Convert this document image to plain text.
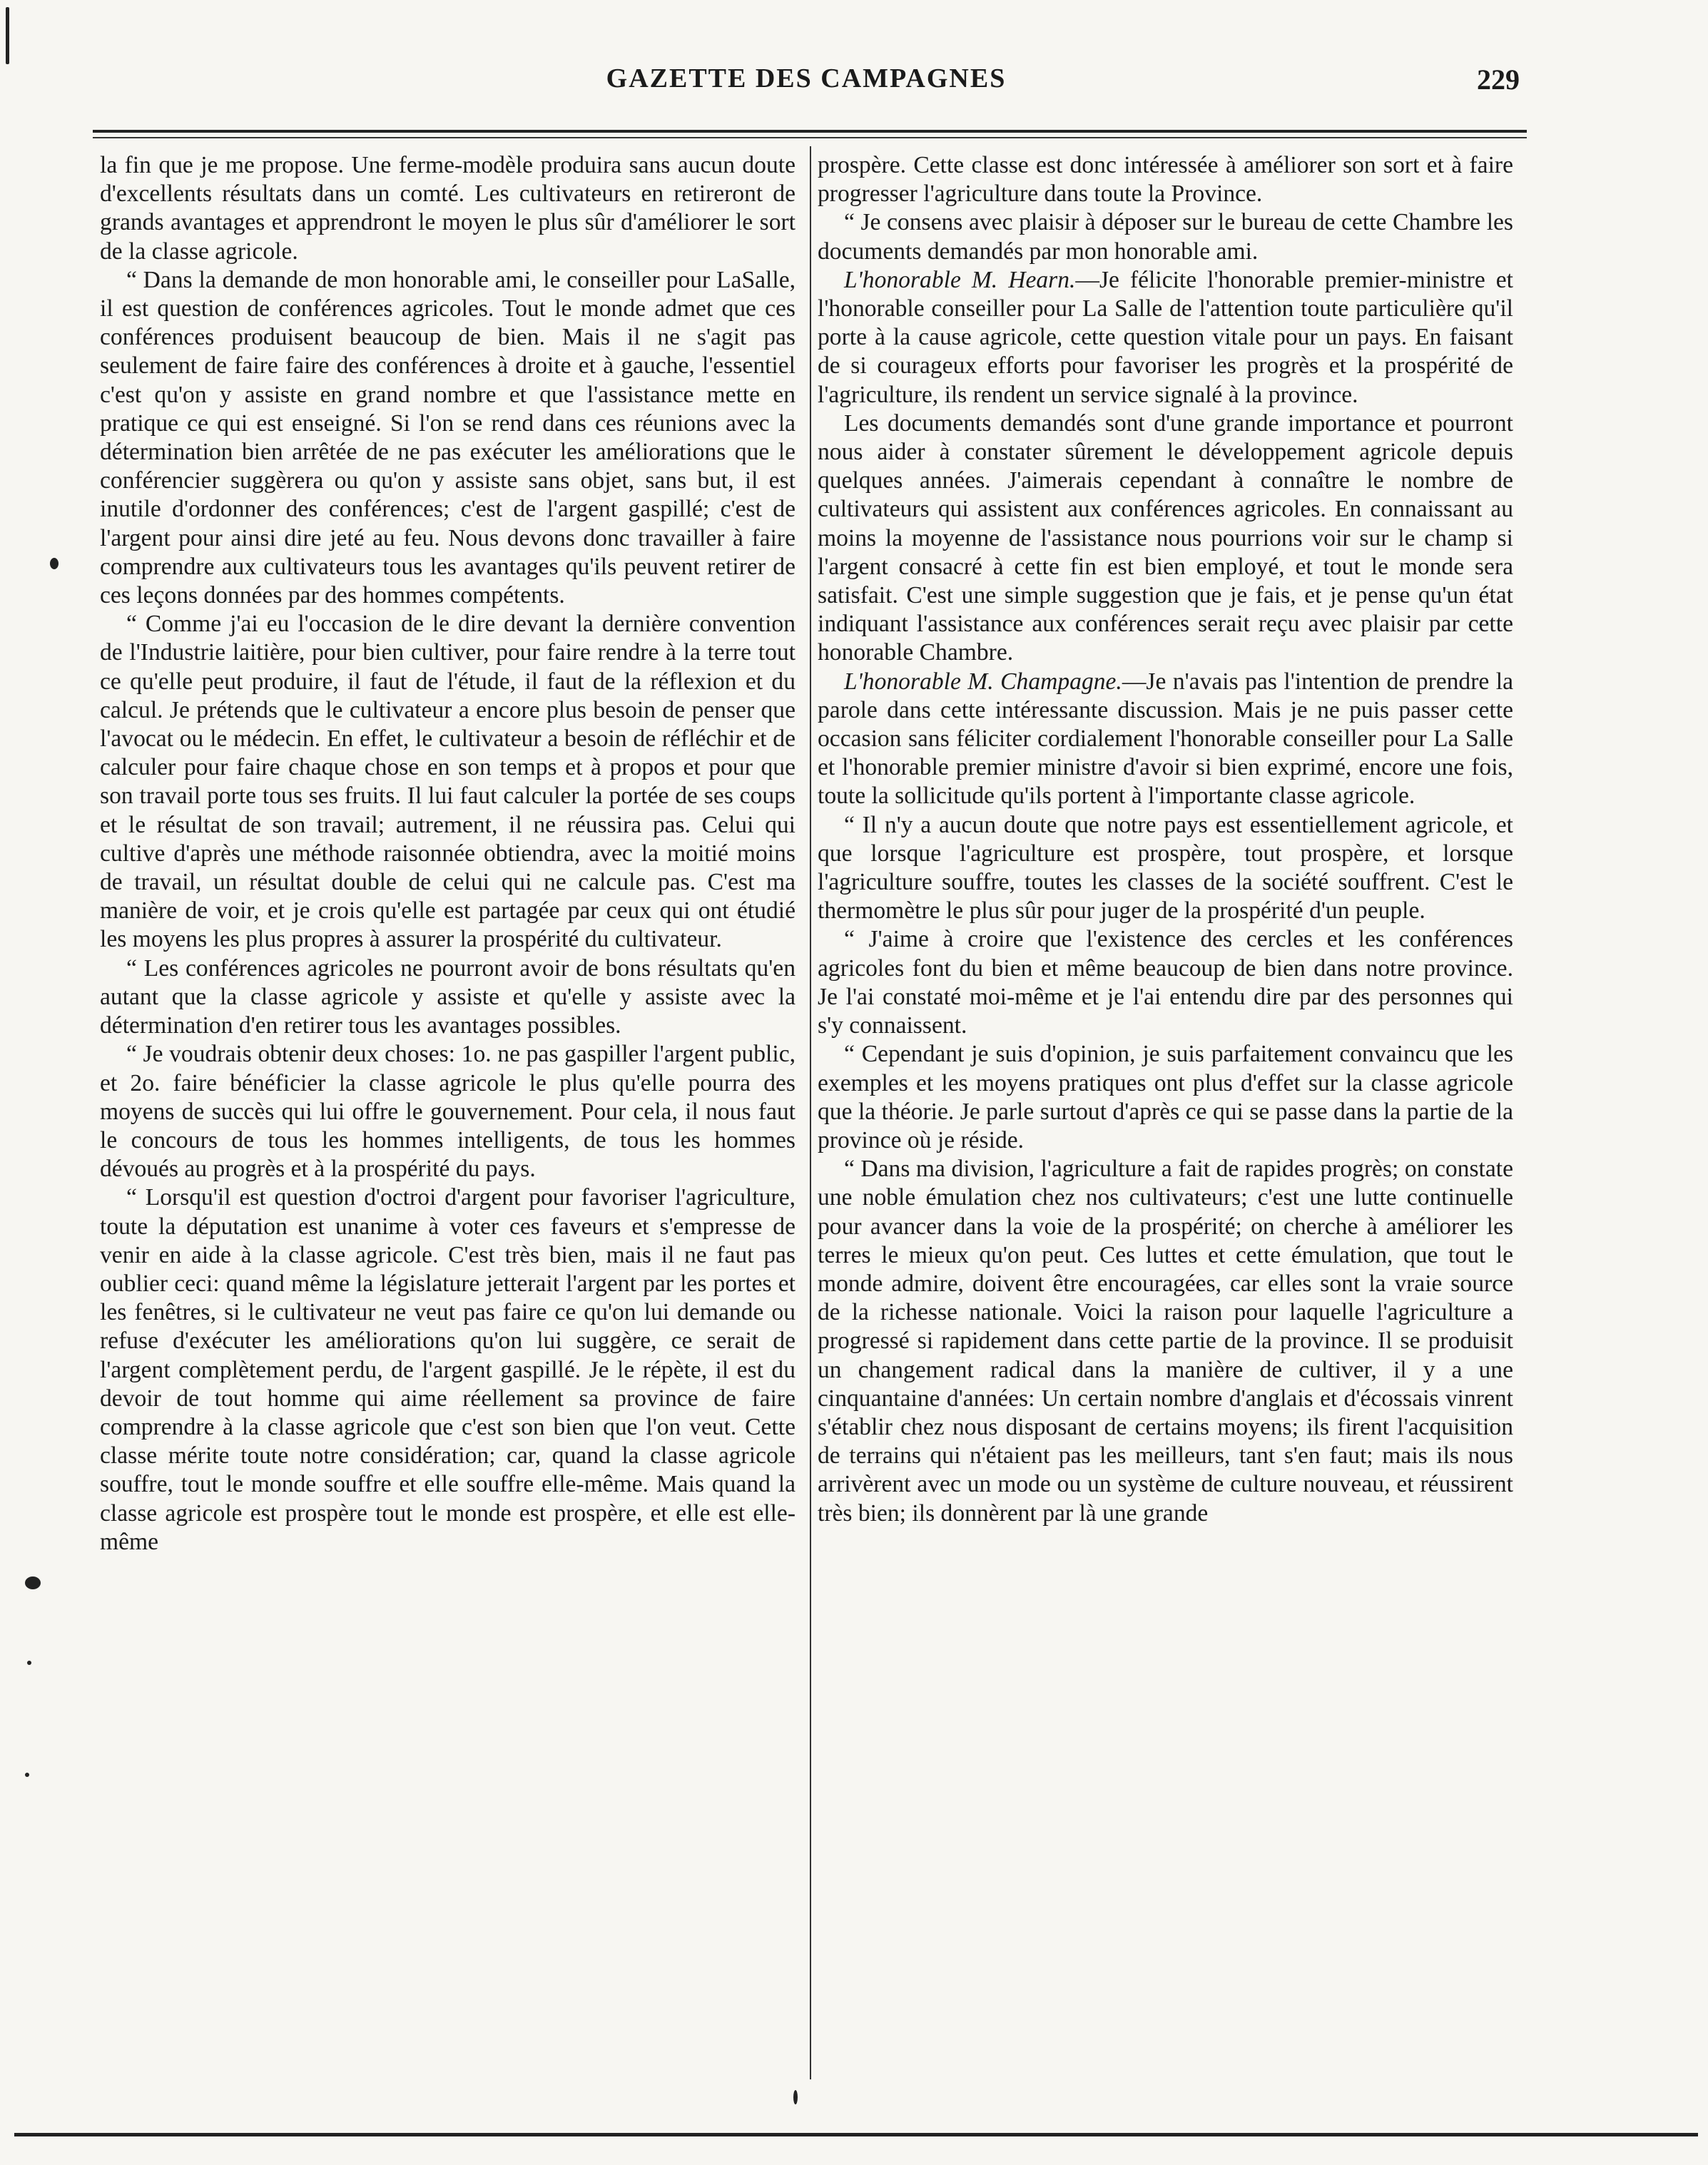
GAZETTE DES CAMPAGNES	229

la fin que je me propose. Une ferme-modèle produira sans aucun doute d'excellents résultats dans un comté. Les cultivateurs en retireront de grands avantages et apprendront le moyen le plus sûr d'améliorer le sort de la classe agricole.

“ Dans la demande de mon honorable ami, le conseiller pour LaSalle, il est question de conférences agricoles. Tout le monde admet que ces conférences produisent beaucoup de bien. Mais il ne s'agit pas seulement de faire faire des conférences à droite et à gauche, l'essentiel c'est qu'on y assiste en grand nombre et que l'assistance mette en pratique ce qui est enseigné. Si l'on se rend dans ces réunions avec la détermination bien arrêtée de ne pas exécuter les améliorations que le conférencier suggèrera ou qu'on y assiste sans objet, sans but, il est inutile d'ordonner des conférences; c'est de l'argent gaspillé; c'est de l'argent pour ainsi dire jeté au feu. Nous devons donc travailler à faire comprendre aux cultivateurs tous les avantages qu'ils peuvent retirer de ces leçons données par des hommes compétents.

“ Comme j'ai eu l'occasion de le dire devant la dernière convention de l'Industrie laitière, pour bien cultiver, pour faire rendre à la terre tout ce qu'elle peut produire, il faut de l'étude, il faut de la réflexion et du calcul. Je prétends que le cultivateur a encore plus besoin de penser que l'avocat ou le médecin. En effet, le cultivateur a besoin de réfléchir et de calculer pour faire chaque chose en son temps et à propos et pour que son travail porte tous ses fruits. Il lui faut calculer la portée de ses coups et le résultat de son travail; autrement, il ne réussira pas. Celui qui cultive d'après une méthode raisonnée obtiendra, avec la moitié moins de travail, un résultat double de celui qui ne calcule pas. C'est ma manière de voir, et je crois qu'elle est partagée par ceux qui ont étudié les moyens les plus propres à assurer la prospérité du cultivateur.

“ Les conférences agricoles ne pourront avoir de bons résultats qu'en autant que la classe agricole y assiste et qu'elle y assiste avec la détermination d'en retirer tous les avantages possibles.

“ Je voudrais obtenir deux choses: 1o. ne pas gaspiller l'argent public, et 2o. faire bénéficier la classe agricole le plus qu'elle pourra des moyens de succès qui lui offre le gouvernement. Pour cela, il nous faut le concours de tous les hommes intelligents, de tous les hommes dévoués au progrès et à la prospérité du pays.

“ Lorsqu'il est question d'octroi d'argent pour favoriser l'agriculture, toute la députation est unanime à voter ces faveurs et s'empresse de venir en aide à la classe agricole. C'est très bien, mais il ne faut pas oublier ceci: quand même la législature jetterait l'argent par les portes et les fenêtres, si le cultivateur ne veut pas faire ce qu'on lui demande ou refuse d'exécuter les améliorations qu'on lui suggère, ce serait de l'argent complètement perdu, de l'argent gaspillé. Je le répète, il est du devoir de tout homme qui aime réellement sa province de faire comprendre à la classe agricole que c'est son bien que l'on veut. Cette classe mérite toute notre considération; car, quand la classe agricole souffre, tout le monde souffre et elle souffre elle-même. Mais quand la classe agricole est prospère tout le monde est prospère, et elle est elle-même

prospère. Cette classe est donc intéressée à améliorer son sort et à faire progresser l'agriculture dans toute la Province.

“ Je consens avec plaisir à déposer sur le bureau de cette Chambre les documents demandés par mon honorable ami.

L'honorable M. Hearn.—Je félicite l'honorable premier-ministre et l'honorable conseiller pour La Salle de l'attention toute particulière qu'il porte à la cause agricole, cette question vitale pour un pays. En faisant de si courageux efforts pour favoriser les progrès et la prospérité de l'agriculture, ils rendent un service signalé à la province.

Les documents demandés sont d'une grande importance et pourront nous aider à constater sûrement le développement agricole depuis quelques années. J'aimerais cependant à connaître le nombre de cultivateurs qui assistent aux conférences agricoles. En connaissant au moins la moyenne de l'assistance nous pourrions voir sur le champ si l'argent consacré à cette fin est bien employé, et tout le monde sera satisfait. C'est une simple suggestion que je fais, et je pense qu'un état indiquant l'assistance aux conférences serait reçu avec plaisir par cette honorable Chambre.

L'honorable M. Champagne.—Je n'avais pas l'intention de prendre la parole dans cette intéressante discussion. Mais je ne puis passer cette occasion sans féliciter cordialement l'honorable conseiller pour La Salle et l'honorable premier ministre d'avoir si bien exprimé, encore une fois, toute la sollicitude qu'ils portent à l'importante classe agricole.

“ Il n'y a aucun doute que notre pays est essentiellement agricole, et que lorsque l'agriculture est prospère, tout prospère, et lorsque l'agriculture souffre, toutes les classes de la société souffrent. C'est le thermomètre le plus sûr pour juger de la prospérité d'un peuple.

“ J'aime à croire que l'existence des cercles et les conférences agricoles font du bien et même beaucoup de bien dans notre province. Je l'ai constaté moi-même et je l'ai entendu dire par des personnes qui s'y connaissent.

“ Cependant je suis d'opinion, je suis parfaitement convaincu que les exemples et les moyens pratiques ont plus d'effet sur la classe agricole que la théorie. Je parle surtout d'après ce qui se passe dans la partie de la province où je réside.

“ Dans ma division, l'agriculture a fait de rapides progrès; on constate une noble émulation chez nos cultivateurs; c'est une lutte continuelle pour avancer dans la voie de la prospérité; on cherche à améliorer les terres le mieux qu'on peut. Ces luttes et cette émulation, que tout le monde admire, doivent être encouragées, car elles sont la vraie source de la richesse nationale. Voici la raison pour laquelle l'agriculture a progressé si rapidement dans cette partie de la province. Il se produisit un changement radical dans la manière de cultiver, il y a une cinquantaine d'années: Un certain nombre d'anglais et d'écossais vinrent s'établir chez nous disposant de certains moyens; ils firent l'acquisition de terrains qui n'étaient pas les meilleurs, tant s'en faut; mais ils nous arrivèrent avec un mode ou un système de culture nouveau, et réussirent très bien; ils donnèrent par là une grande
